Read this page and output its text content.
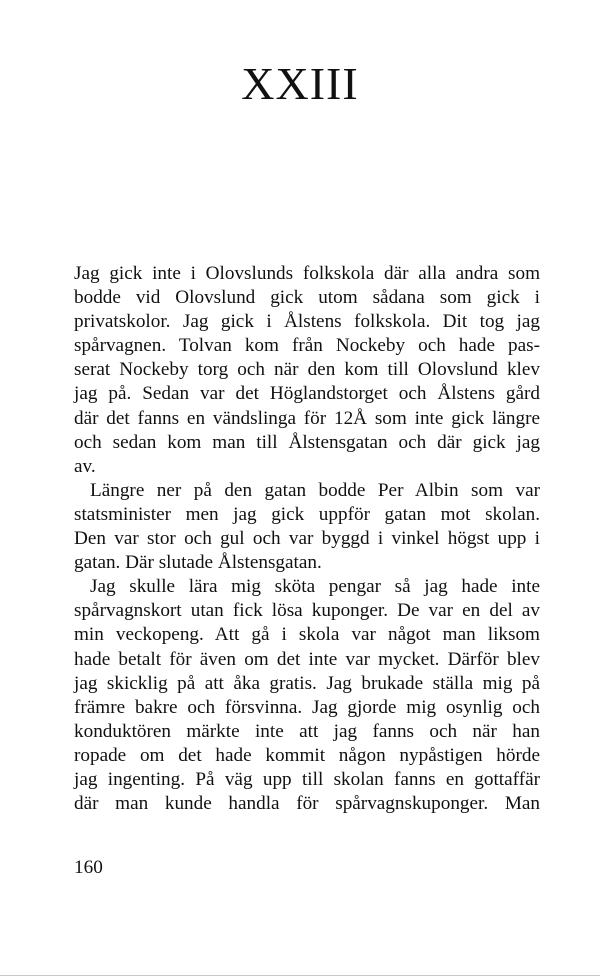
XXIII

Jag gick inte i Olovslunds folkskola där alla andra som
bodde vid Olovslund gick utom sådana som gick i
privatskolor. Jag gick i Ålstens folkskola. Dit tog jag
spårvagnen. Tolvan kom från Nockeby och hade pas-
serat Nockeby torg och när den kom till Olovslund klev
jag på. Sedan var det Höglandstorget och Ålstens gård
där det fanns en vändslinga för 12Å som inte gick längre
och sedan kom man till Ålstensgatan och där gick jag
av.

Längre ner på den gatan bodde Per Albin som var
statsminister men jag gick uppför gatan mot skolan.
Den var stor och gul och var byggd i vinkel högst upp i
gatan. Där slutade Ålstensgatan.

Jag skulle lära mig sköta pengar så jag hade inte
spårvagnskort utan fick lösa kuponger. De var en del av
min veckopeng. Att gå i skola var något man liksom
hade betalt för även om det inte var mycket. Därför blev
jag skicklig på att åka gratis. Jag brukade ställa mig på
främre bakre och försvinna. Jag gjorde mig osynlig och
konduktören märkte inte att jag fanns och när han
ropade om det hade kommit någon nypåstigen hörde
jag ingenting. På väg upp till skolan fanns en gottaffär
där man kunde handla för spårvagnskuponger. Man

160
